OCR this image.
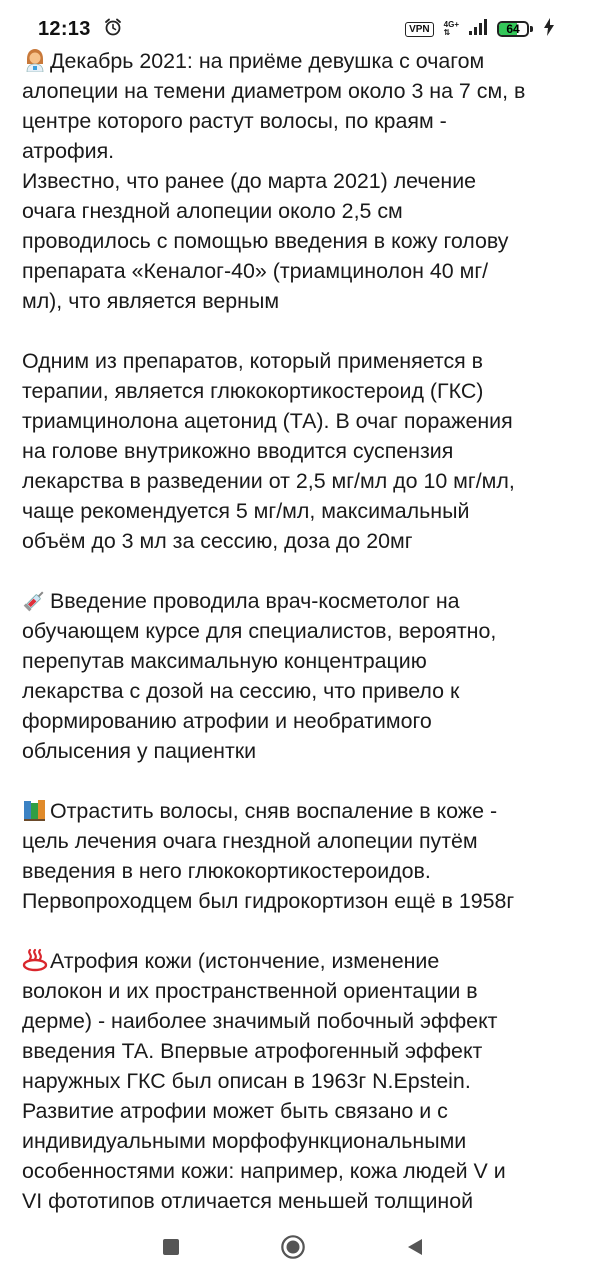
12:13	VPN	4G+
⇅	64

Декабрь 2021: на приёме девушка с очагом
алопеции на темени диаметром около 3 на 7 см, в
центре которого растут волосы, по краям -
атрофия.
Известно, что ранее (до марта 2021) лечение
очага гнездной алопеции около 2,5 см
проводилось с помощью введения в кожу голову
препарата «Кеналог-40» (триамцинолон 40 мг/
мл), что является верным

Одним из препаратов, который применяется в
терапии, является глюкокортикостероид (ГКС)
триамцинолона ацетонид (ТА). В очаг поражения
на голове внутрикожно вводится суспензия
лекарства в разведении от 2,5 мг/мл до 10 мг/мл,
чаще рекомендуется 5 мг/мл, максимальный
объём до 3 мл за сессию, доза до 20мг

Введение проводила врач-косметолог на
обучающем курсе для специалистов, вероятно,
перепутав максимальную концентрацию
лекарства с дозой на сессию, что привело к
формированию атрофии и необратимого
облысения у пациентки

Отрастить волосы, сняв воспаление в коже -
цель лечения очага гнездной алопеции путём
введения в него глюкокортикостероидов.
Первопроходцем был гидрокортизон ещё в 1958г

Атрофия кожи (истончение, изменение
волокон и их пространственной ориентации в
дерме) - наиболее значимый побочный эффект
введения ТА. Впервые атрофогенный эффект
наружных ГКС был описан в 1963г N.Epstein.
Развитие атрофии может быть связано и с
индивидуальными морфофункциональными
особенностями кожи: например, кожа людей V и
VI фототипов отличается меньшей толщиной
